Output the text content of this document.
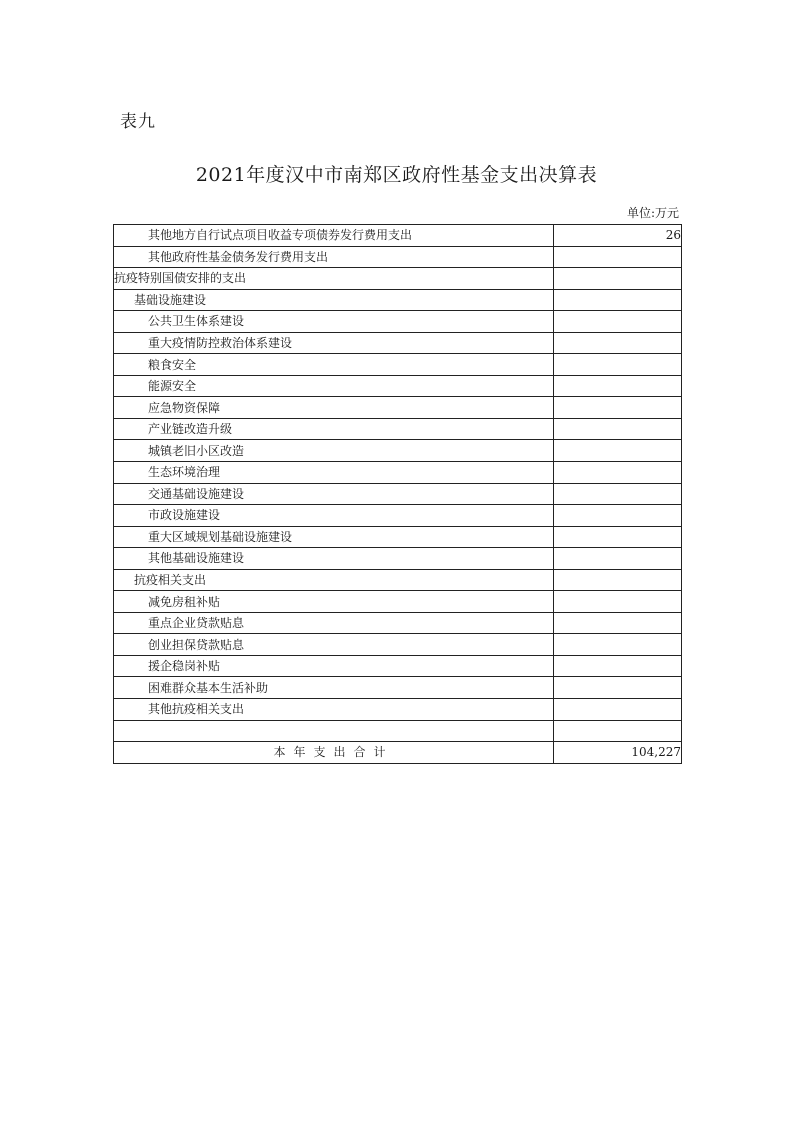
表九
2021年度汉中市南郑区政府性基金支出决算表
单位:万元
其他地方自行试点项目收益专项债券发行费用支出	26
其他政府性基金债务发行费用支出	
抗疫特别国债安排的支出	
基础设施建设	
公共卫生体系建设	
重大疫情防控救治体系建设	
粮食安全	
能源安全	
应急物资保障	
产业链改造升级	
城镇老旧小区改造	
生态环境治理	
交通基础设施建设	
市政设施建设	
重大区域规划基础设施建设	
其他基础设施建设	
抗疫相关支出	
减免房租补贴	
重点企业贷款贴息	
创业担保贷款贴息	
援企稳岗补贴	
困难群众基本生活补助	
其他抗疫相关支出	

本年支出合计	104,227
